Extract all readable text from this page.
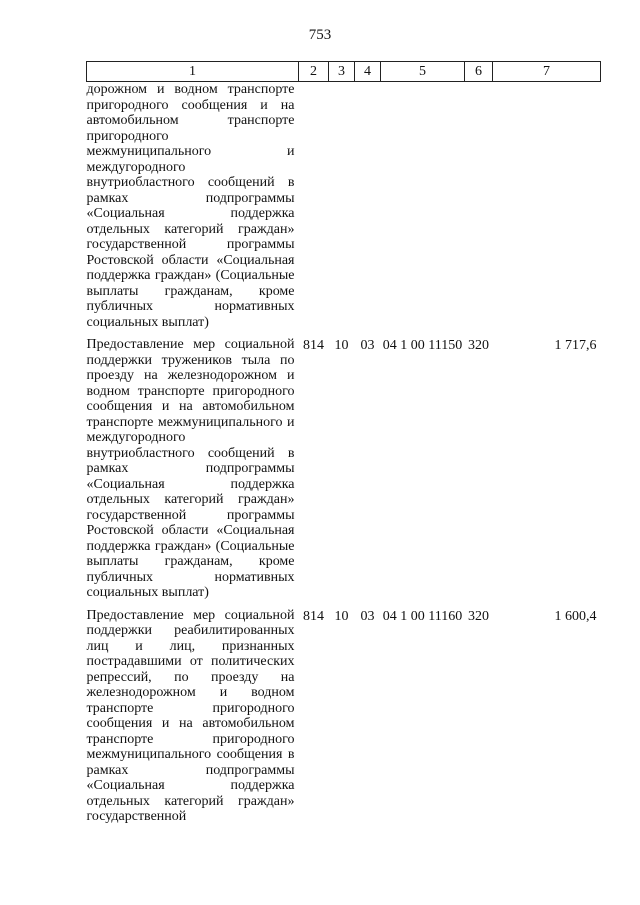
753
1	2	3	4	5	6	7
дорожном и водном транспорте пригородного сообщения и на автомобильном транспорте пригородного межмуниципального и междугородного внутриобластного сообщений в рамках подпрограммы «Социальная поддержка отдельных категорий граждан» государственной программы Ростовской области «Социальная поддержка граждан» (Социальные выплаты гражданам, кроме публичных нормативных социальных выплат)						
Предоставление мер социальной поддержки тружеников тыла по проезду на железнодорожном и водном транспорте пригородного сообщения и на автомобильном транспорте межмуниципального и междугородного внутриобластного сообщений в рамках подпрограммы «Социальная поддержка отдельных категорий граждан» государственной программы Ростовской области «Социальная поддержка граждан» (Социальные выплаты гражданам, кроме публичных нормативных социальных выплат)	814	10	03	04 1 00 11150	320	1 717,6
Предоставление мер социальной поддержки реабилитированных лиц и лиц, признанных пострадавшими от политических репрессий, по проезду на железнодорожном и водном транспорте пригородного сообщения и на автомобильном транспорте пригородного межмуниципального сообщения в рамках подпрограммы «Социальная поддержка отдельных категорий граждан» государственной	814	10	03	04 1 00 11160	320	1 600,4
